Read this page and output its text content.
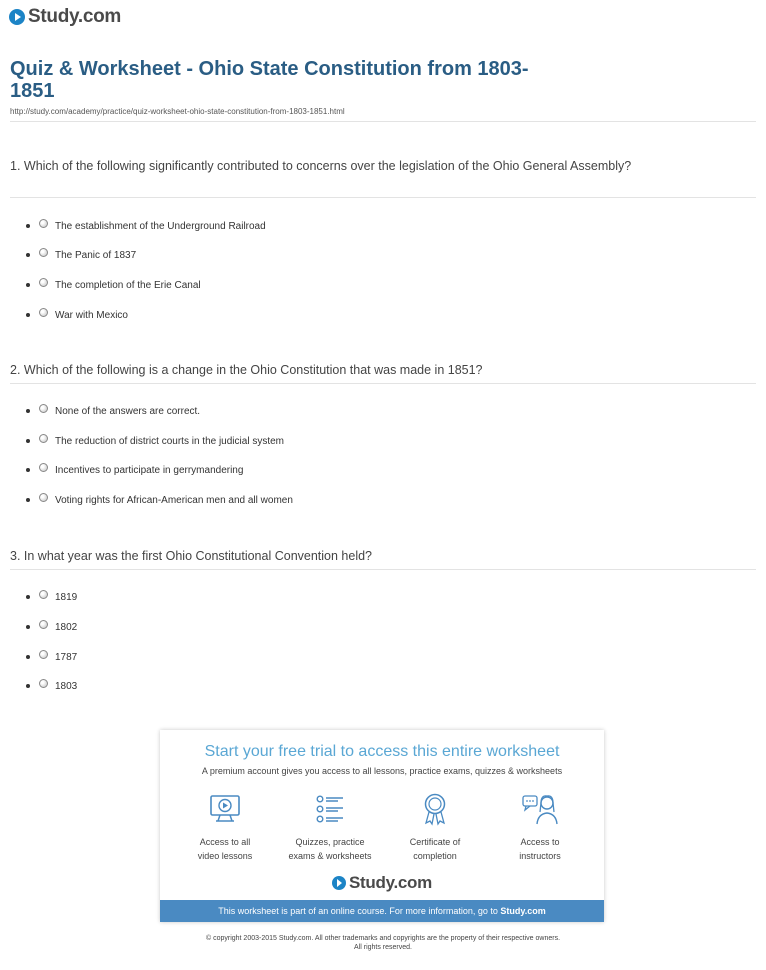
Study.com
Quiz & Worksheet - Ohio State Constitution from 1803-1851
http://study.com/academy/practice/quiz-worksheet-ohio-state-constitution-from-1803-1851.html

1. Which of the following significantly contributed to concerns over the legislation of the Ohio General Assembly?

The establishment of the Underground Railroad
The Panic of 1837
The completion of the Erie Canal
War with Mexico

2. Which of the following is a change in the Ohio Constitution that was made in 1851?

None of the answers are correct.
The reduction of district courts in the judicial system
Incentives to participate in gerrymandering
Voting rights for African-American men and all women

3. In what year was the first Ohio Constitutional Convention held?

1819
1802
1787
1803
Start your free trial to access this entire worksheet
A premium account gives you access to all lessons, practice exams, quizzes & worksheets
Access to all
video lessons
Quizzes, practice
exams & worksheets
Certificate of
completion
Access to
instructors
Study.com
This worksheet is part of an online course. For more information, go to Study.com
© copyright 2003-2015 Study.com. All other trademarks and copyrights are the property of their respective owners.
All rights reserved.
